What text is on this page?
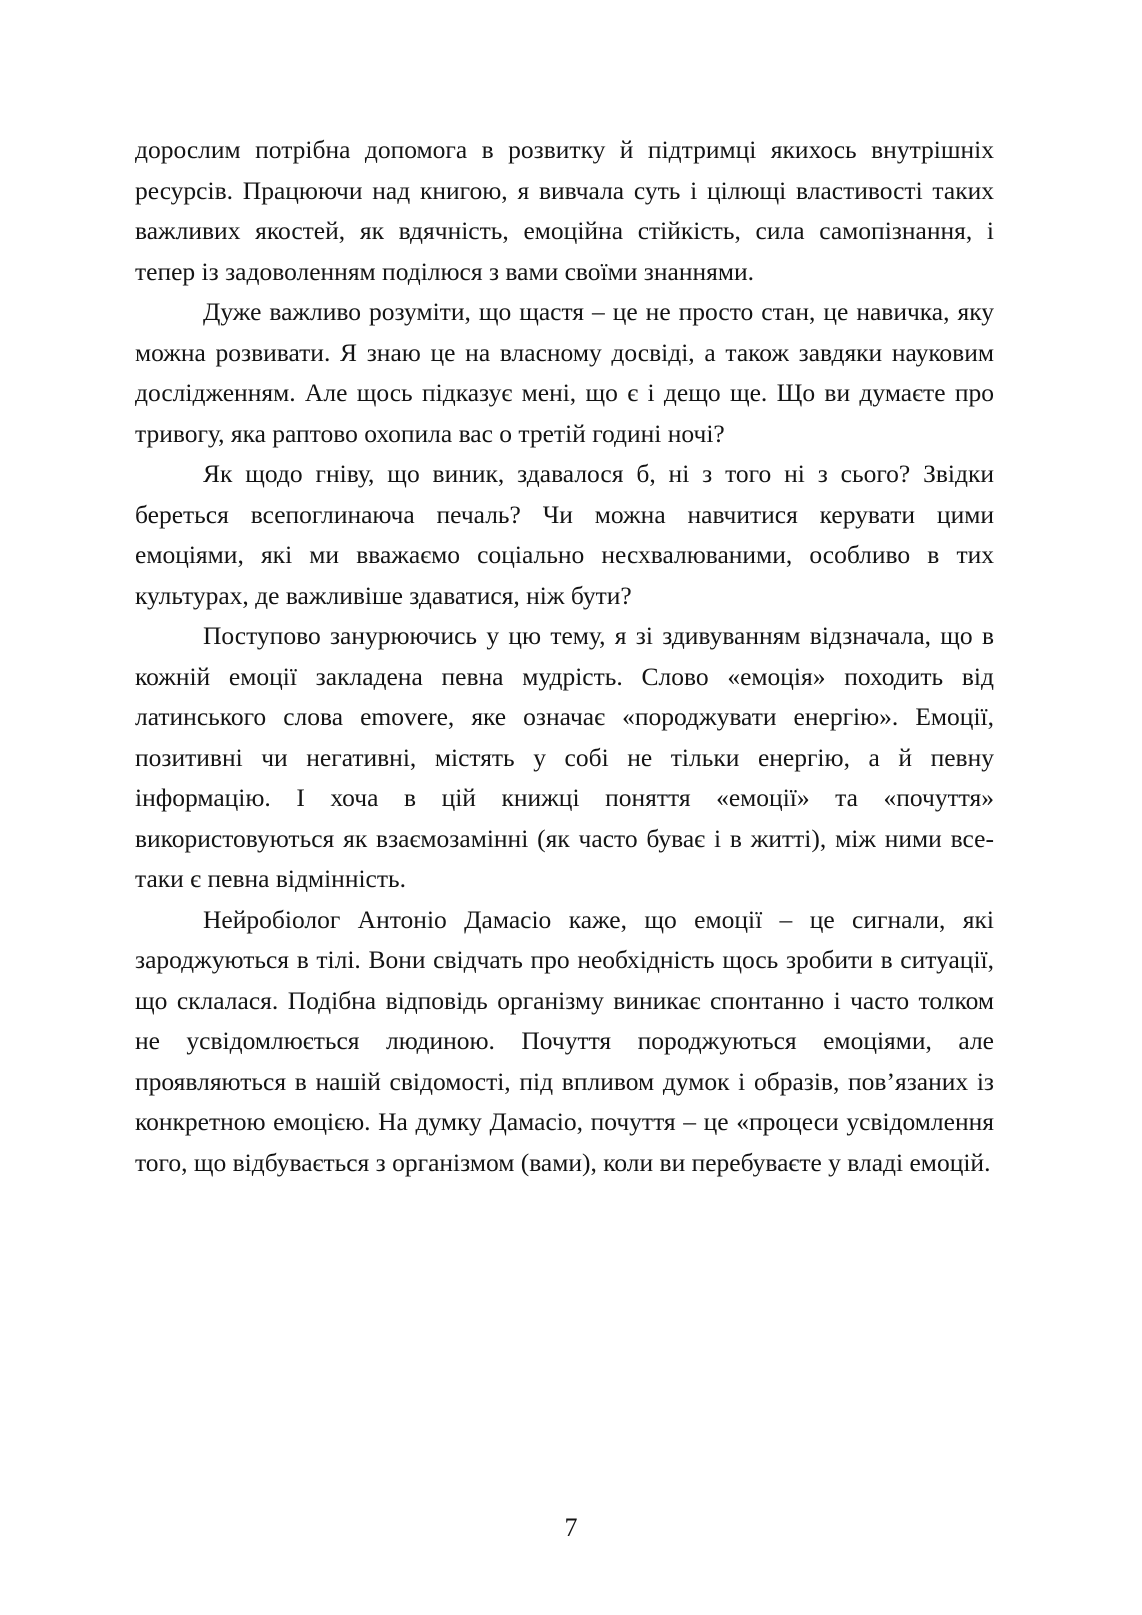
дорослим потрібна допомога в розвитку й підтримці якихось внутрішніх ресурсів. Працюючи над книгою, я вивчала суть і цілющі властивості таких важливих якостей, як вдячність, емоційна стійкість, сила самопізнання, і тепер із задоволенням поділюся з вами своїми знаннями.

Дуже важливо розуміти, що щастя – це не просто стан, це навичка, яку можна розвивати. Я знаю це на власному досвіді, а також завдяки науковим дослідженням. Але щось підказує мені, що є і дещо ще. Що ви думаєте про тривогу, яка раптово охопила вас о третій годині ночі?

Як щодо гніву, що виник, здавалося б, ні з того ні з сього? Звідки береться всепоглинаюча печаль? Чи можна навчитися керувати цими емоціями, які ми вважаємо соціально несхвалюваними, особливо в тих культурах, де важливіше здаватися, ніж бути?

Поступово занурюючись у цю тему, я зі здивуванням відзначала, що в кожній емоції закладена певна мудрість. Слово «емоція» походить від латинського слова emovere, яке означає «породжувати енергію». Емоції, позитивні чи негативні, містять у собі не тільки енергію, а й певну інформацію. І хоча в цій книжці поняття «емоції» та «почуття» використовуються як взаємозамінні (як часто буває і в житті), між ними все-таки є певна відмінність.

Нейробіолог Антоніо Дамасіо каже, що емоції – це сигнали, які зароджуються в тілі. Вони свідчать про необхідність щось зробити в ситуації, що склалася. Подібна відповідь організму виникає спонтанно і часто толком не усвідомлюється людиною. Почуття породжуються емоціями, але проявляються в нашій свідомості, під впливом думок і образів, пов’язаних із конкретною емоцією. На думку Дамасіо, почуття – це «процеси усвідомлення того, що відбувається з організмом (вами), коли ви перебуваєте у владі емоцій.

7
